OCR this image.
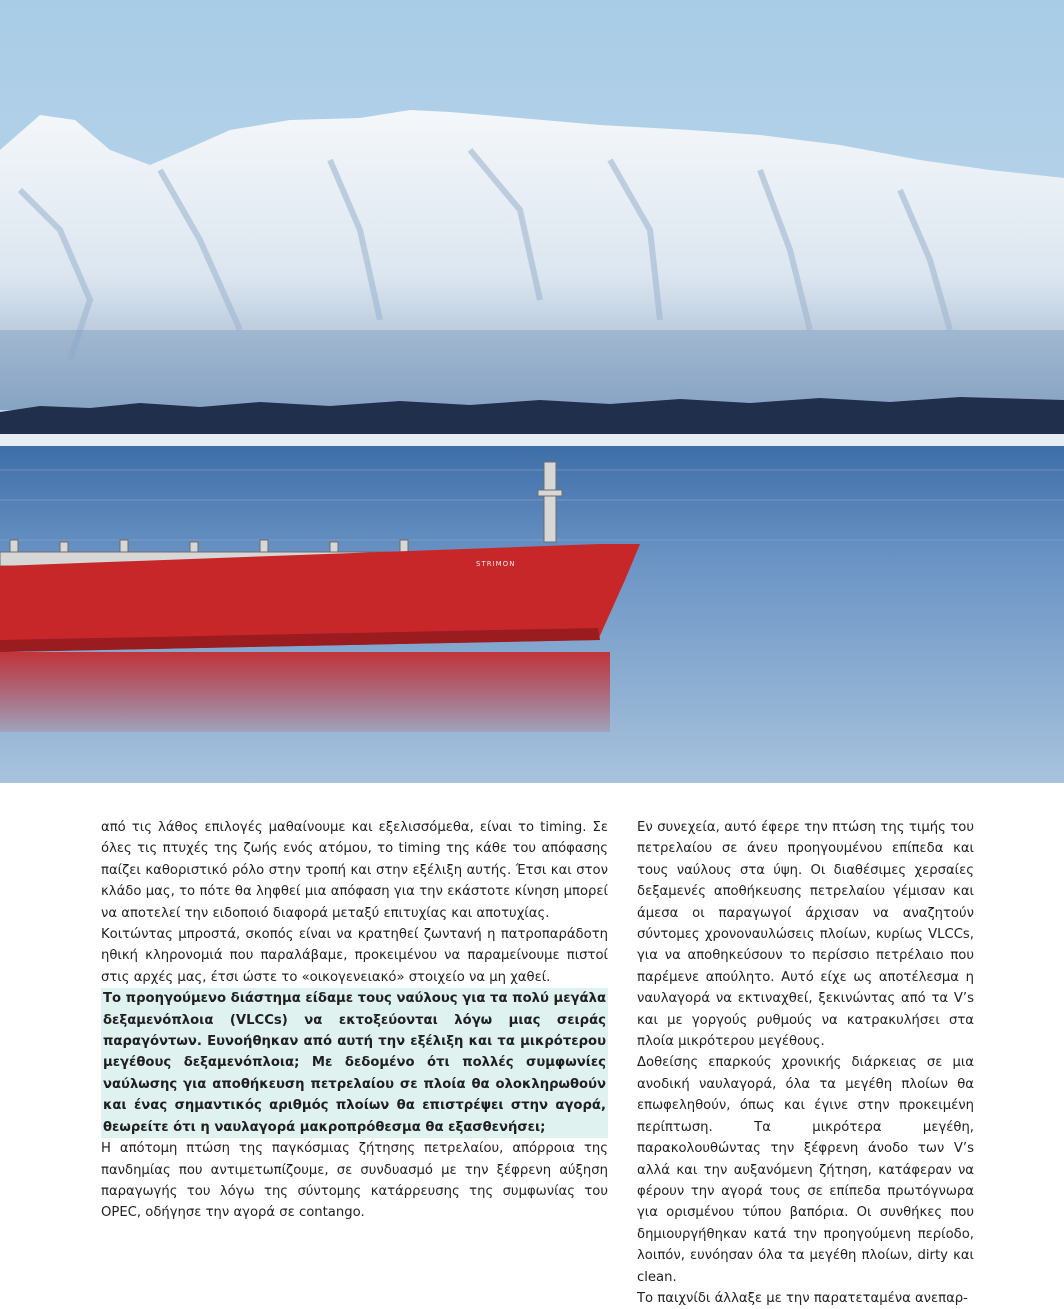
STRIMON

από τις λάθος επιλογές μαθαίνουμε και εξελισσόμεθα, είναι το timing. Σε όλες τις πτυχές της ζωής ενός ατόμου, το timing της κάθε του απόφασης παίζει καθοριστικό ρόλο στην τροπή και στην εξέλιξη αυτής. Έτσι και στον κλάδο μας, το πότε θα ληφθεί μια απόφαση για την εκάστοτε κίνηση μπορεί να αποτελεί την ειδοποιό διαφορά μεταξύ επιτυχίας και αποτυχίας.

Κοιτώντας μπροστά, σκοπός είναι να κρατηθεί ζωντανή η πατροπαράδοτη ηθική κληρονομιά που παραλάβαμε, προκειμένου να παραμείνουμε πιστοί στις αρχές μας, έτσι ώστε το «οικογενειακό» στοιχείο να μη χαθεί.

Το προηγούμενο διάστημα είδαμε τους ναύλους για τα πολύ μεγάλα δεξαμενόπλοια (VLCCs) να εκτοξεύονται λόγω μιας σειράς παραγόντων. Ευνοήθηκαν από αυτή την εξέλιξη και τα μικρότερου μεγέθους δεξαμενόπλοια; Με δεδομένο ότι πολλές συμφωνίες ναύλωσης για αποθήκευση πετρελαίου σε πλοία θα ολοκληρωθούν και ένας σημαντικός αριθμός πλοίων θα επιστρέψει στην αγορά, θεωρείτε ότι η ναυλαγορά μακροπρόθεσμα θα εξασθενήσει;

Η απότομη πτώση της παγκόσμιας ζήτησης πετρελαίου, απόρροια της πανδημίας που αντιμετωπίζουμε, σε συνδυασμό με την ξέφρενη αύξηση παραγωγής του λόγω της σύντομης κατάρρευσης της συμφωνίας του OPEC, οδήγησε την αγορά σε contango.

Εν συνεχεία, αυτό έφερε την πτώση της τιμής του πετρελαίου σε άνευ προηγουμένου επίπεδα και τους ναύλους στα ύψη. Οι διαθέσιμες χερσαίες δεξαμενές αποθήκευσης πετρελαίου γέμισαν και άμεσα οι παραγωγοί άρχισαν να αναζητούν σύντομες χρονοναυλώσεις πλοίων, κυρίως VLCCs, για να αποθηκεύσουν το περίσσιο πετρέλαιο που παρέμενε απούλητο. Αυτό είχε ως αποτέλεσμα η ναυλαγορά να εκτιναχθεί, ξεκινώντας από τα V’s και με γοργούς ρυθμούς να κατρακυλήσει στα πλοία μικρότερου μεγέθους.

Δοθείσης επαρκούς χρονικής διάρκειας σε μια ανοδική ναυλαγορά, όλα τα μεγέθη πλοίων θα επωφεληθούν, όπως και έγινε στην προκειμένη περίπτωση. Τα μικρότερα μεγέθη, παρακολουθώντας την ξέφρενη άνοδο των V’s αλλά και την αυξανόμενη ζήτηση, κατάφεραν να φέρουν την αγορά τους σε επίπεδα πρωτόγνωρα για ορισμένου τύπου βαπόρια. Οι συνθήκες που δημιουργήθηκαν κατά την προηγούμενη περίοδο, λοιπόν, ευνόησαν όλα τα μεγέθη πλοίων, dirty και clean.

Το παιχνίδι άλλαξε με την παρατεταμένα ανεπαρ-
